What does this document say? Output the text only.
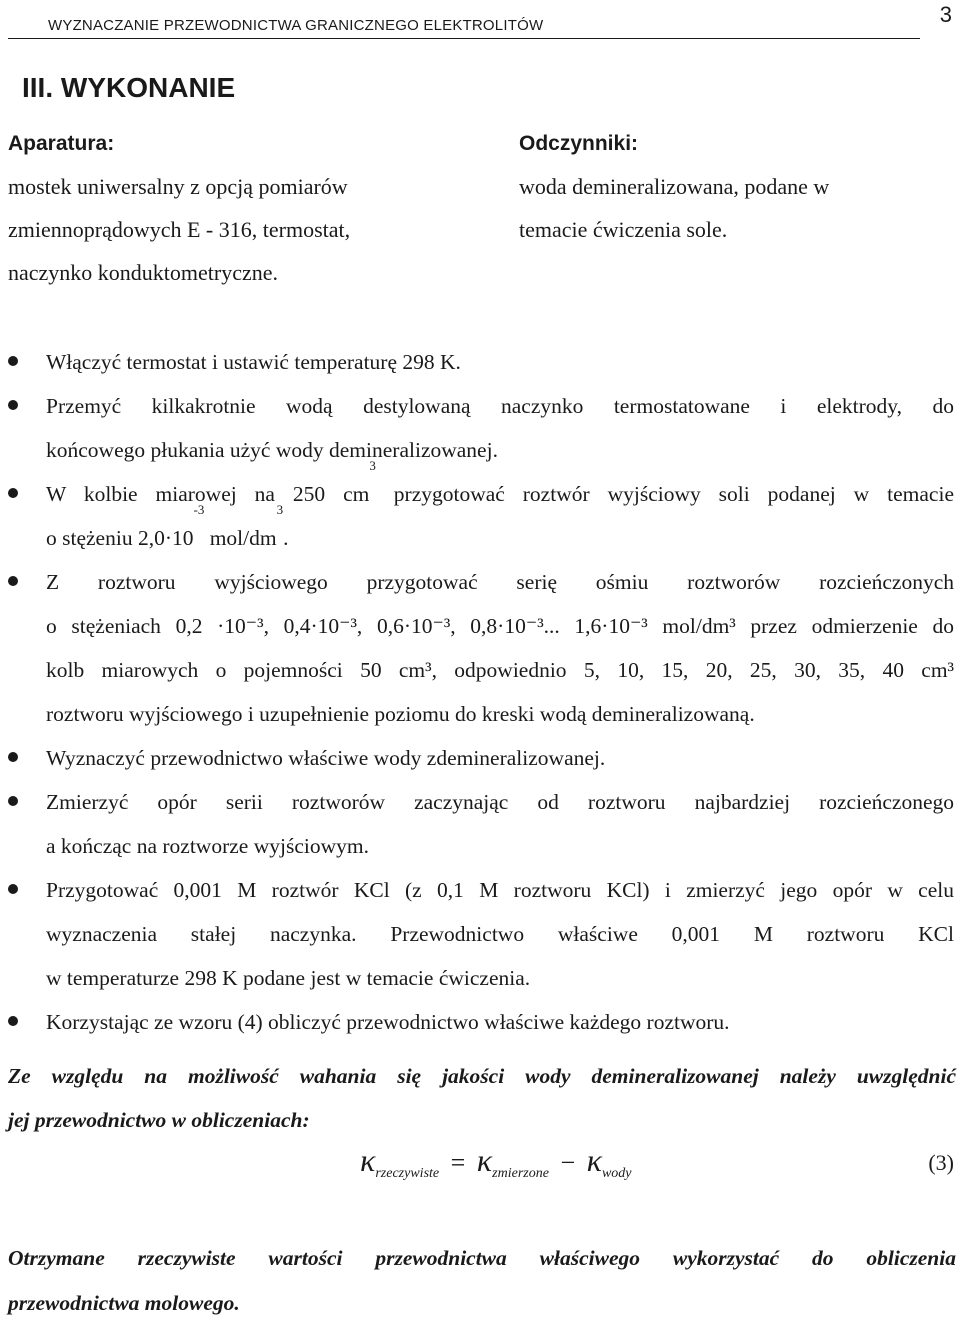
WYZNACZANIE PRZEWODNICTWA GRANICZNEGO ELEKTROLITÓW	3
III. WYKONANIE
Aparatura:
mostek uniwersalny z opcją pomiarów
zmiennoprądowych E - 316, termostat,
naczynko konduktometryczne.
Odczynniki:
woda demineralizowana, podane w
temacie ćwiczenia sole.
Włączyć termostat i ustawić temperaturę 298 K.
Przemyć kilkakrotnie wodą destylowaną naczynko termostatowane i elektrody, do
końcowego płukania użyć wody demineralizowanej.
W kolbie miarowej na 250 $cm^3$ przygotować roztwór wyjściowy soli podanej w temacie
o stężeniu $2,0\cdot 10^{-3}$ mol/$dm^3$.
Z roztworu wyjściowego przygotować serię ośmiu roztworów rozcieńczonych
o stężeniach 0,2 ·10⁻³, 0,4·10⁻³, 0,6·10⁻³, 0,8·10⁻³... 1,6·10⁻³ mol/dm³ przez odmierzenie do
kolb miarowych o pojemności 50 cm³, odpowiednio 5, 10, 15, 20, 25, 30, 35, 40 cm³
roztworu wyjściowego i uzupełnienie poziomu do kreski wodą demineralizowaną.
Wyznaczyć przewodnictwo właściwe wody zdemineralizowanej.
Zmierzyć opór serii roztworów zaczynając od roztworu najbardziej rozcieńczonego
a kończąc na roztworze wyjściowym.
Przygotować 0,001 M roztwór KCl (z 0,1 M roztworu KCl) i zmierzyć jego opór w celu
wyznaczenia stałej naczynka. Przewodnictwo właściwe 0,001 M roztworu KCl
w temperaturze 298 K podane jest w temacie ćwiczenia.
Korzystając ze wzoru (4) obliczyć przewodnictwo właściwe każdego roztworu.
Ze względu na możliwość wahania się jakości wody demineralizowanej należy uwzględnić
jej przewodnictwo w obliczeniach:
$\kappa_{rzeczywiste} = \kappa_{zmierzone} - \kappa_{wody}$	(3)
Otrzymane rzeczywiste wartości przewodnictwa właściwego wykorzystać do obliczenia
przewodnictwa molowego.
